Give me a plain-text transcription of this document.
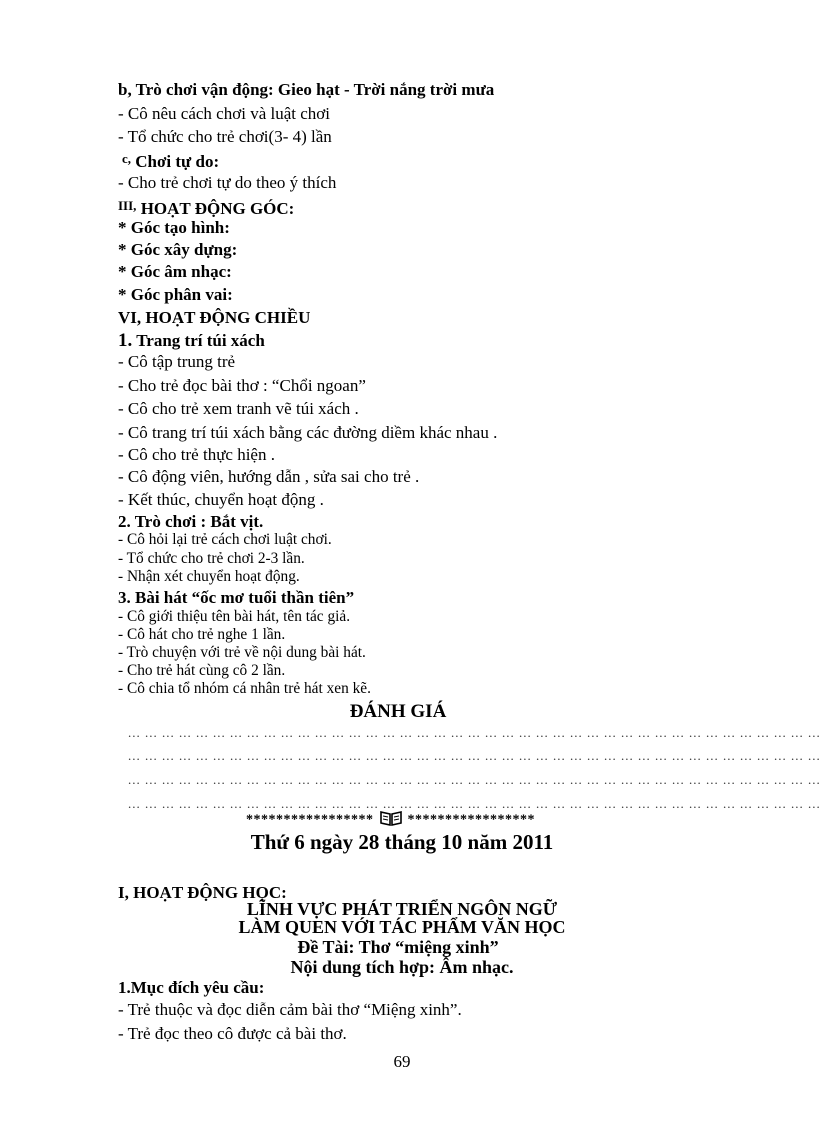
b, Trò chơi vận động: Gieo hạt - Trời nắng trời mưa
- Cô nêu cách chơi và luật chơi
- Tổ chức cho trẻ chơi(3- 4) lần
$^{c,}$ Chơi tự do:
- Cho trẻ chơi tự do theo ý thích
$^{III,}$ HOẠT ĐỘNG GÓC:
* Góc tạo hình:
* Góc xây dựng:
* Góc âm nhạc:
* Góc phân vai:
VI, HOẠT ĐỘNG CHIỀU
1. Trang trí túi xách
- Cô tập trung trẻ
- Cho trẻ đọc bài thơ : “Chổi ngoan”
- Cô cho trẻ xem tranh vẽ túi xách .
- Cô trang trí túi xách bằng các đường diềm khác nhau .
- Cô cho trẻ thực hiện .
- Cô động viên, hướng dẫn , sửa sai cho trẻ .
- Kết thúc, chuyển hoạt động .
2. Trò chơi : Bắt vịt.
- Cô hỏi lại trẻ cách chơi luật chơi.
- Tổ chức cho trẻ chơi 2-3 lần.
- Nhận xét chuyển hoạt động.
3. Bài hát “ốc mơ tuổi thần tiên”
- Cô giới thiệu tên bài hát, tên tác giả.
- Cô hát cho trẻ nghe 1 lần.
- Trò chuyện với trẻ về nội dung bài hát.
- Cho trẻ hát cùng cô 2 lần.
- Cô chia tổ nhóm cá nhân trẻ hát xen kẽ.
ĐÁNH GIÁ
... ... ... ... ... ... ... ... ... ... ... ... ... ... ... ... ... ... ... ... ... ... ... ... ... ... ... ... ... ... ... ... ... ... ... ... ... ... ... ... ...
... ... ... ... ... ... ... ... ... ... ... ... ... ... ... ... ... ... ... ... ... ... ... ... ... ... ... ... ... ... ... ... ... ... ... ... ... ... ... ... ...
... ... ... ... ... ... ... ... ... ... ... ... ... ... ... ... ... ... ... ... ... ... ... ... ... ... ... ... ... ... ... ... ... ... ... ... ... ... ... ... ...
... ... ... ... ... ... ... ... ... ... ... ... ... ... ... ... ... ... ... ... ... ... ... ... ... ... ... ... ... ... ... ... ... ... ... ... ... ... ... ... ...
***************** *****************
Thứ 6 ngày 28 tháng 10 năm 2011
I, HOẠT ĐỘNG HỌC:
LĨNH VỰC PHÁT TRIỂN NGÔN NGỮ
LÀM QUEN VỚI TÁC PHẨM VĂN HỌC
Đề Tài: Thơ “miệng xinh”
Nội dung tích hợp: Âm nhạc.
1.Mục đích yêu cầu:
- Trẻ thuộc và đọc diễn cảm bài thơ “Miệng xinh”.
- Trẻ đọc theo cô được cả bài thơ.
69
